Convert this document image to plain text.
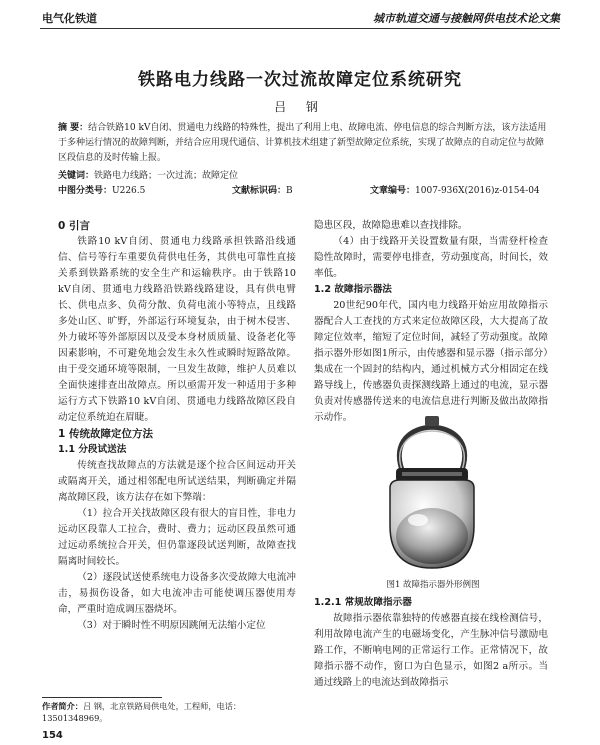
电气化铁道	城市轨道交通与接触网供电技术论文集
铁路电力线路一次过流故障定位系统研究
吕 钢
摘 要：结合铁路10 kV自闭、贯通电力线路的特殊性，提出了利用上电、故障电流、停电信息的综合判断方法，该方法适用于多种运行情况的故障判断，并结合应用现代通信、计算机技术组建了新型故障定位系统，实现了故障点的自动定位与故障区段信息的及时传输上报。
关键词：铁路电力线路；一次过流；故障定位
中图分类号：U226.5	文献标识码：B	文章编号：1007-936X(2016)z-0154-04

0 引言

铁路10 kV自闭、贯通电力线路承担铁路沿线通信、信号等行车重要负荷供电任务，其供电可靠性直接关系到铁路系统的安全生产和运输秩序。由于铁路10 kV自闭、贯通电力线路沿铁路线路建设，具有供电臂长、供电点多、负荷分散、负荷电流小等特点，且线路多处山区、旷野，外部运行环境复杂，由于树木侵害、外力破坏等外部原因以及受本身材质质量、设备老化等因素影响，不可避免地会发生永久性或瞬时短路故障。由于受交通环境等限制，一旦发生故障，维护人员难以全面快速排查出故障点。所以亟需开发一种适用于多种运行方式下铁路10 kV自闭、贯通电力线路故障区段自动定位系统迫在眉睫。

1 传统故障定位方法

1.1 分段试送法

传统查找故障点的方法就是逐个拉合区间远动开关或隔离开关，通过相邻配电所试送结果，判断确定并隔离故障区段，该方法存在如下弊端：

（1）拉合开关找故障区段有很大的盲目性，非电力远动区段靠人工拉合，费时、费力；远动区段虽然可通过远动系统拉合开关，但仍靠逐段试送判断，故障查找隔离时间较长。

（2）逐段试送使系统电力设备多次受故障大电流冲击，易损伤设备，如大电流冲击可能使调压器使用寿命，严重时造成调压器烧坏。

（3）对于瞬时性不明原因跳闸无法缩小定位

隐患区段，故障隐患难以查找排除。

（4）由于线路开关设置数量有限，当需登杆检查隐性故障时，需要停电排查，劳动强度高，时间长，效率低。

1.2 故障指示器法

20世纪90年代，国内电力线路开始应用故障指示器配合人工查找的方式来定位故障区段，大大提高了故障定位效率，缩短了定位时间，减轻了劳动强度。故障指示器外形如图1所示，由传感器和显示器（指示部分）集成在一个固封的结构内，通过机械方式分相固定在线路导线上，传感器负责探测线路上通过的电流，显示器负责对传感器传送来的电流信息进行判断及做出故障指示动作。

图1 故障指示器外形例图

1.2.1 常规故障指示器

故障指示器依靠独特的传感器直接在线检测信号，利用故障电流产生的电磁场变化，产生脉冲信号激励电路工作，不断响电网的正常运行工作。正常情况下，故障指示器不动作，窗口为白色显示，如图2 a所示。当通过线路上的电流达到故障指示

作者简介：吕 钢，北京铁路局供电处，工程师，电话：13501348969。
154
